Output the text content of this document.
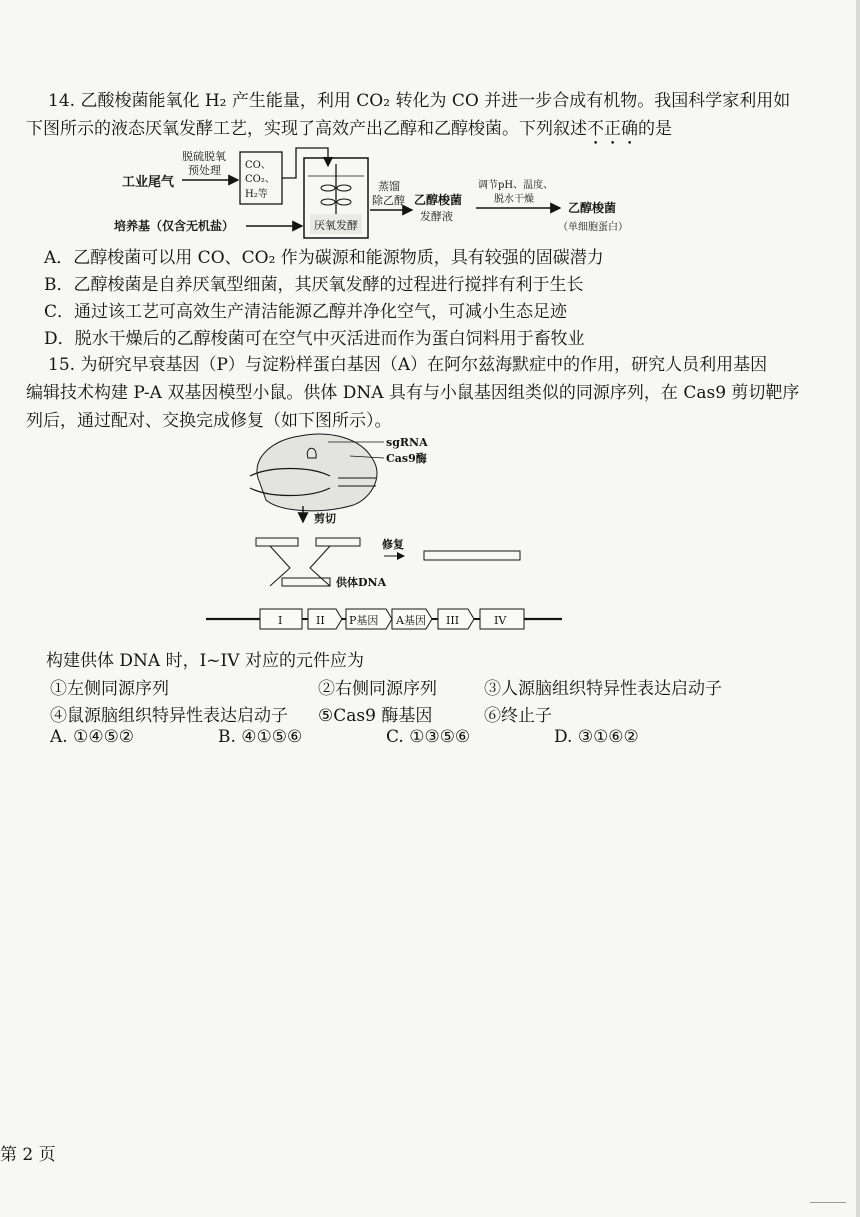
14. 乙酸梭菌能氧化 H₂ 产生能量，利用 CO₂ 转化为 CO 并进一步合成有机物。我国科学家利用如
下图所示的液态厌氧发酵工艺，实现了高效产出乙醇和乙醇梭菌。下列叙述不正确的是
脱硫脱氧
预处理
工业尾气
CO、
CO₂、
H₂等
培养基（仅含无机盐）	厌氧发酵
蒸馏
除乙醇 乙醇梭菌
发酵液
调节pH、温度、
脱水干燥
乙醇梭菌
（单细胞蛋白）
A．乙醇梭菌可以用 CO、CO₂ 作为碳源和能源物质，具有较强的固碳潜力
B．乙醇梭菌是自养厌氧型细菌，其厌氧发酵的过程进行搅拌有利于生长
C．通过该工艺可高效生产清洁能源乙醇并净化空气，可减小生态足迹
D．脱水干燥后的乙醇梭菌可在空气中灭活进而作为蛋白饲料用于畜牧业
15. 为研究早衰基因（P）与淀粉样蛋白基因（A）在阿尔兹海默症中的作用，研究人员利用基因
编辑技术构建 P-A 双基因模型小鼠。供体 DNA 具有与小鼠基因组类似的同源序列，在 Cas9 剪切靶序
列后，通过配对、交换完成修复（如下图所示）。
sgRNA
Cas9酶
剪切
供体DNA
修复
I	II P基因 A基因 III	IV
构建供体 DNA 时，I~IV 对应的元件应为
①左侧同源序列	②右侧同源序列	③人源脑组织特异性表达启动子
④鼠源脑组织特异性表达启动子 ⑤Cas9 酶基因	⑥终止子
A. ①④⑤②	B. ④①⑤⑥	C. ①③⑤⑥	D. ③①⑥②
第 2 页
